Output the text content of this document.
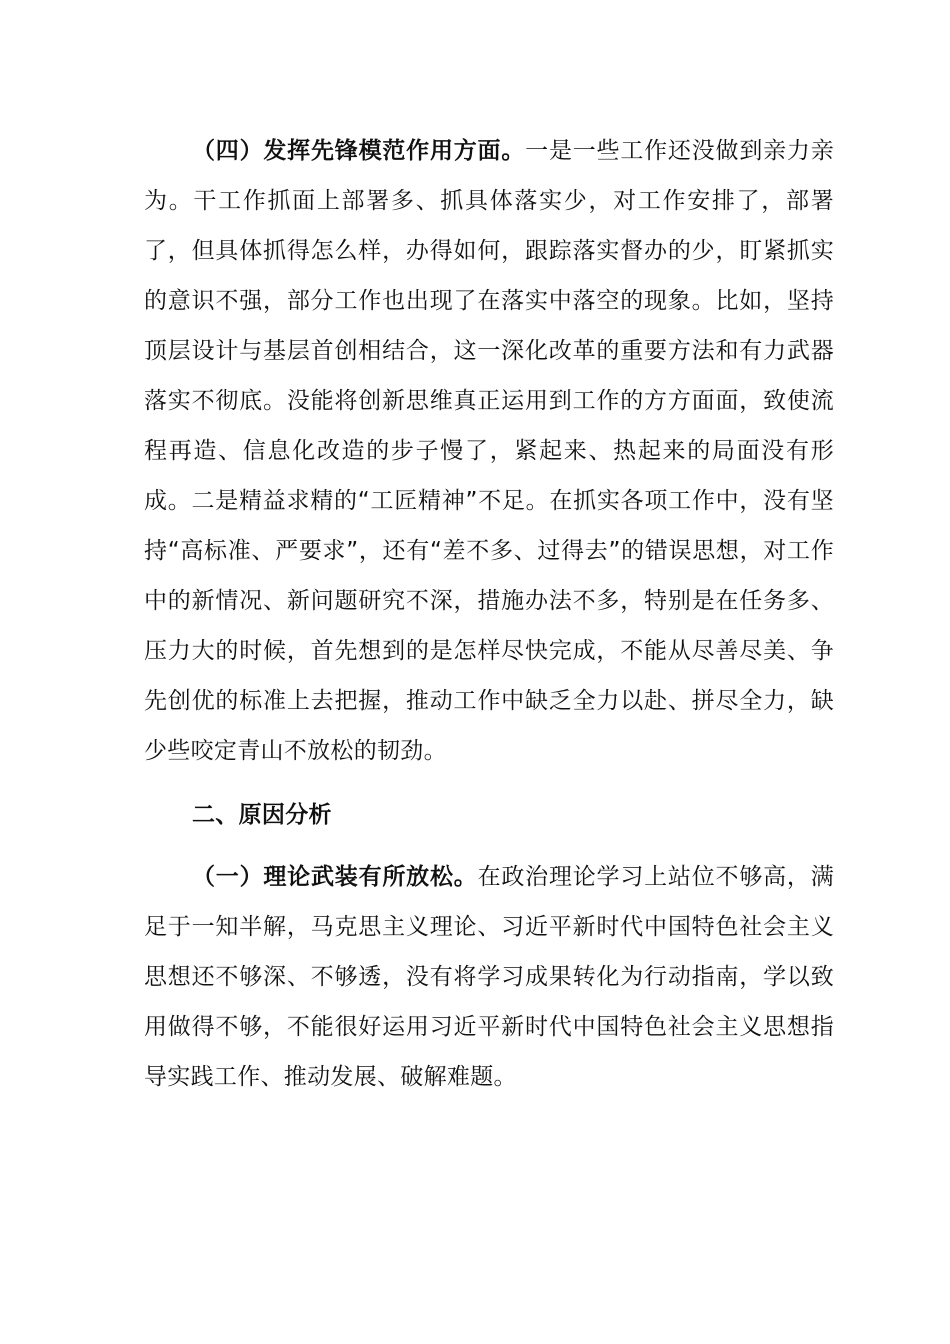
（四）发挥先锋模范作用方面。一是一些工作还没做到亲力亲为。干工作抓面上部署多、抓具体落实少，对工作安排了，部署了，但具体抓得怎么样，办得如何，跟踪落实督办的少，盯紧抓实的意识不强，部分工作也出现了在落实中落空的现象。比如，坚持顶层设计与基层首创相结合，这一深化改革的重要方法和有力武器落实不彻底。没能将创新思维真正运用到工作的方方面面，致使流程再造、信息化改造的步子慢了，紧起来、热起来的局面没有形成。二是精益求精的“工匠精神”不足。在抓实各项工作中，没有坚持“高标准、严要求”，还有“差不多、过得去”的错误思想，对工作中的新情况、新问题研究不深，措施办法不多，特别是在任务多、压力大的时候，首先想到的是怎样尽快完成，不能从尽善尽美、争先创优的标准上去把握，推动工作中缺乏全力以赴、拼尽全力，缺少些咬定青山不放松的韧劲。

二、原因分析

（一）理论武装有所放松。在政治理论学习上站位不够高，满足于一知半解，马克思主义理论、习近平新时代中国特色社会主义思想还不够深、不够透，没有将学习成果转化为行动指南，学以致用做得不够，不能很好运用习近平新时代中国特色社会主义思想指导实践工作、推动发展、破解难题。
